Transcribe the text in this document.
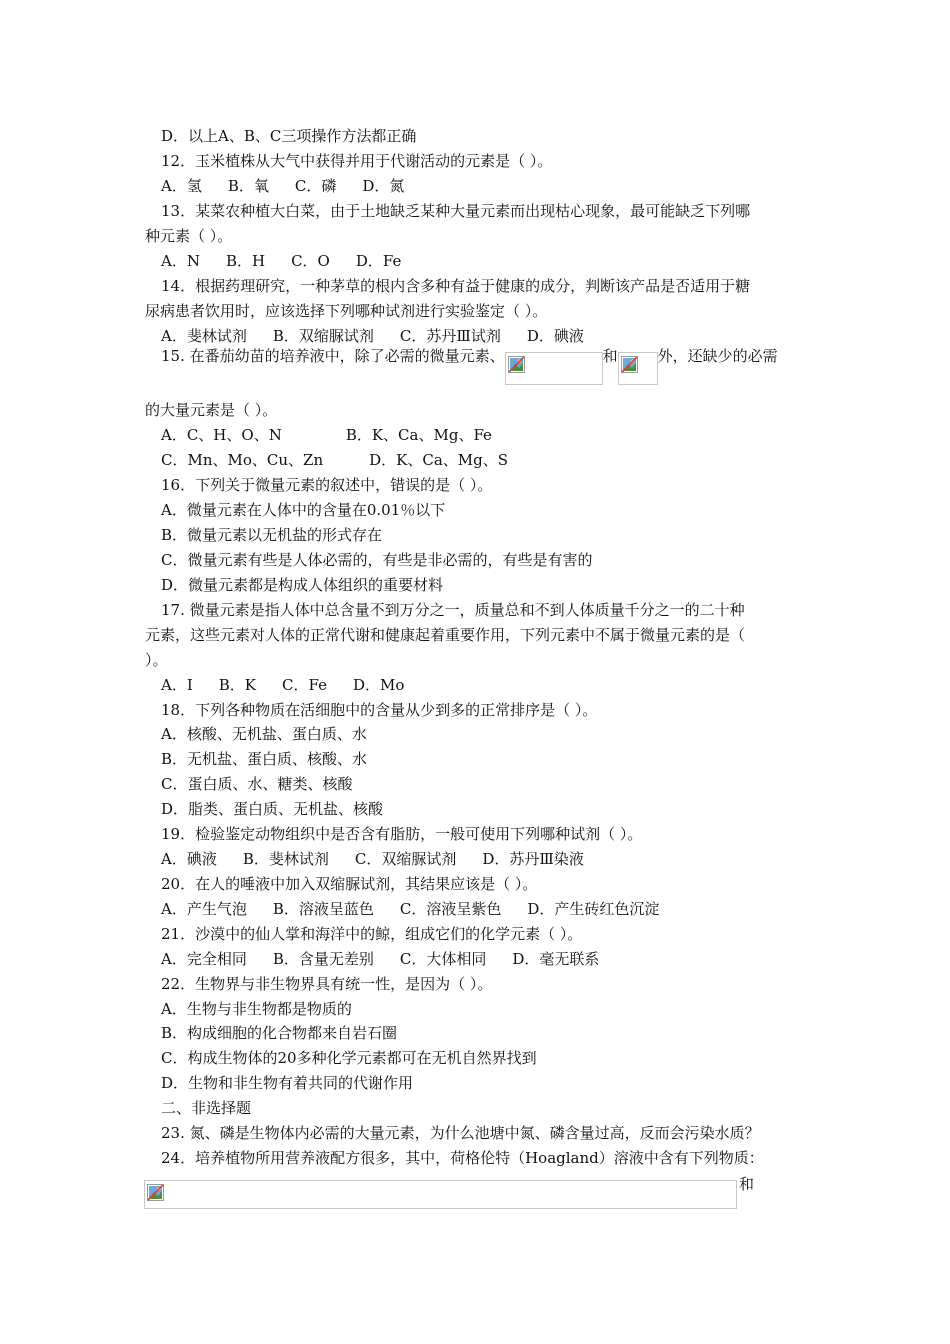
D．以上A、B、C三项操作方法都正确
12．玉米植株从大气中获得并用于代谢活动的元素是（ ）。
A．氢 B．氧 C．磷 D．氮
13．某菜农种植大白菜，由于土地缺乏某种大量元素而出现枯心现象，最可能缺乏下列哪
种元素（ ）。
A．N B．H C．O D．Fe
14．根据药理研究，一种茅草的根内含多种有益于健康的成分，判断该产品是否适用于糖
尿病患者饮用时，应该选择下列哪种试剂进行实验鉴定（ ）。
A．斐林试剂 B．双缩脲试剂 C．苏丹Ⅲ试剂 D．碘液
15. 在番茄幼苗的培养液中，除了必需的微量元素、	和	外，还缺少的必需
的大量元素是（ ）。
A．C、H、O、N	B．K、Ca、Mg、Fe
C．Mn、Mo、Cu、Zn	D．K、Ca、Mg、S
16．下列关于微量元素的叙述中，错误的是（ ）。
A．微量元素在人体中的含量在0.01％以下
B．微量元素以无机盐的形式存在
C．微量元素有些是人体必需的，有些是非必需的，有些是有害的
D．微量元素都是构成人体组织的重要材料
17. 微量元素是指人体中总含量不到万分之一，质量总和不到人体质量千分之一的二十种
元素，这些元素对人体的正常代谢和健康起着重要作用，下列元素中不属于微量元素的是（
）。
A．I B．K C．Fe D．Mo
18．下列各种物质在活细胞中的含量从少到多的正常排序是（ ）。
A．核酸、无机盐、蛋白质、水
B．无机盐、蛋白质、核酸、水
C．蛋白质、水、糖类、核酸
D．脂类、蛋白质、无机盐、核酸
19．检验鉴定动物组织中是否含有脂肪，一般可使用下列哪种试剂（ ）。
A．碘液 B．斐林试剂 C．双缩脲试剂 D．苏丹Ⅲ染液
20．在人的唾液中加入双缩脲试剂，其结果应该是（ ）。
A．产生气泡 B．溶液呈蓝色 C．溶液呈紫色 D．产生砖红色沉淀
21．沙漠中的仙人掌和海洋中的鲸，组成它们的化学元素（ ）。
A．完全相同 B．含量无差别 C．大体相同 D．毫无联系
22．生物界与非生物界具有统一性，是因为（ ）。
A．生物与非生物都是物质的
B．构成细胞的化合物都来自岩石圈
C．构成生物体的20多种化学元素都可在无机自然界找到
D．生物和非生物有着共同的代谢作用
二、非选择题
23. 氮、磷是生物体内必需的大量元素，为什么池塘中氮、磷含量过高，反而会污染水质？
24．培养植物所用营养液配方很多，其中，荷格伦特（Hoagland）溶液中含有下列物质：
和
